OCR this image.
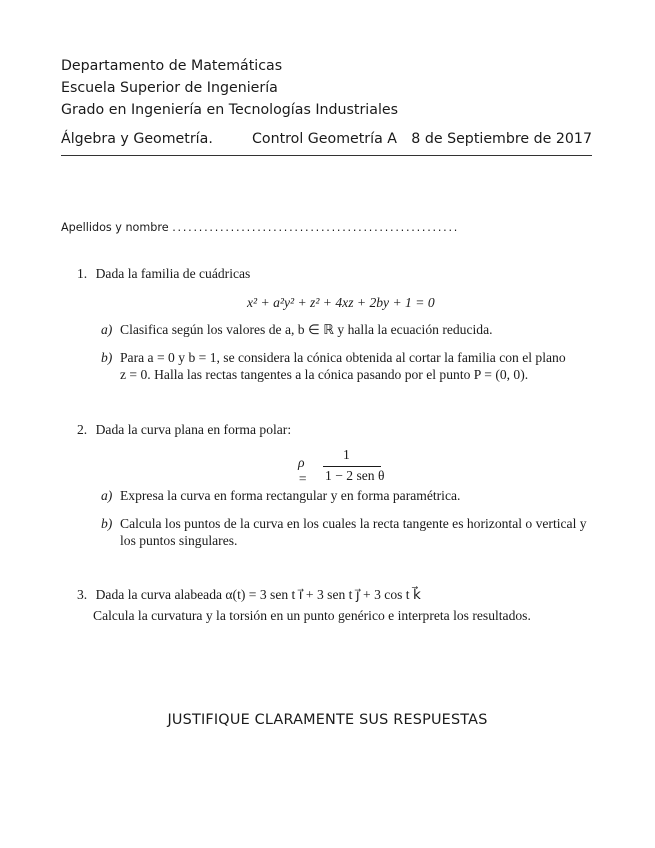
Departamento de Matemáticas
Escuela Superior de Ingeniería
Grado en Ingeniería en Tecnologías Industriales
Álgebra y Geometría.	Control Geometría A 8 de Septiembre de 2017
Apellidos y nombre . . . . . . . . . . . . . . . . . . . . . . . . . . . . . . . . . . . . . . . . . . . . . . . . . . . . . .
1. Dada la familia de cuádricas
x² + a²y² + z² + 4xz + 2by + 1 = 0
a) Clasifica según los valores de a, b ∈ ℝ y halla la ecuación reducida.
b) Para a = 0 y b = 1, se considera la cónica obtenida al cortar la familia con el plano
z = 0. Halla las rectas tangentes a la cónica pasando por el punto P = (0, 0).
2. Dada la curva plana en forma polar:
ρ =
1
1 − 2 sen θ
a) Expresa la curva en forma rectangular y en forma paramétrica.
b) Calcula los puntos de la curva en los cuales la recta tangente es horizontal o vertical y
los puntos singulares.
3. Dada la curva alabeada α(t) = 3 sen t i⃗ + 3 sen t j⃗ + 3 cos t k⃗
Calcula la curvatura y la torsión en un punto genérico e interpreta los resultados.
JUSTIFIQUE CLARAMENTE SUS RESPUESTAS
